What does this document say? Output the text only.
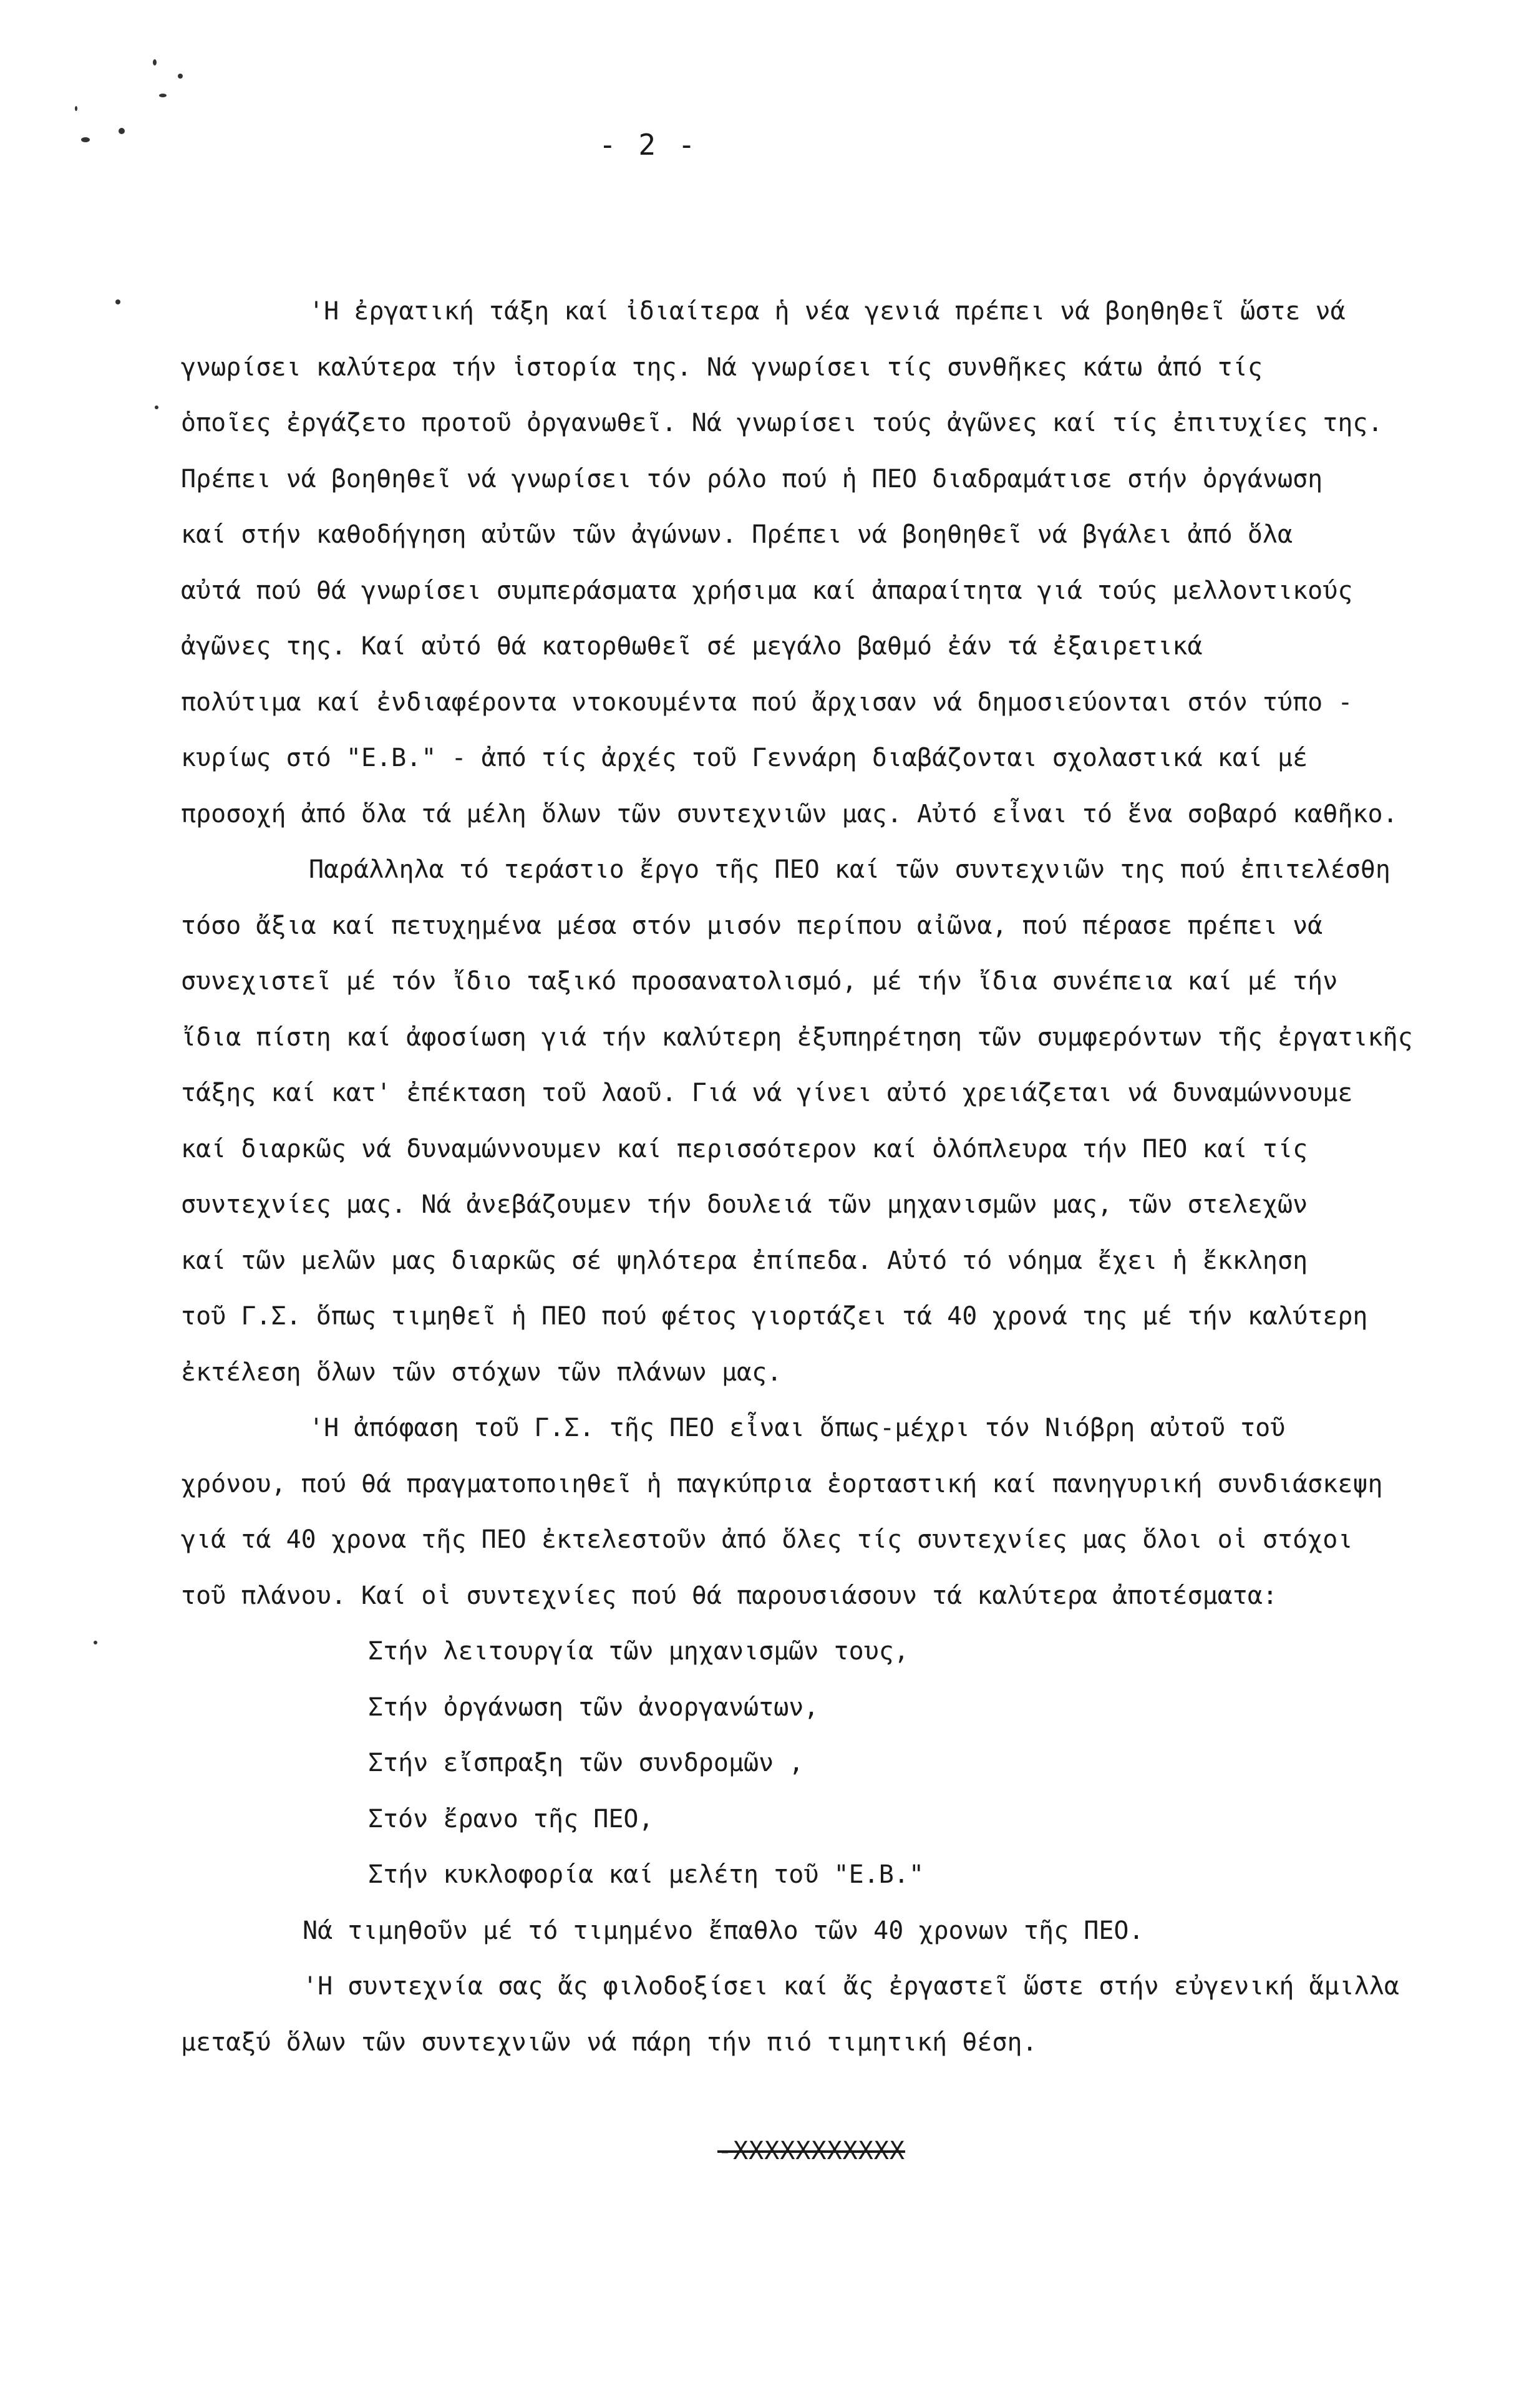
- 2 -
'Η ἐργατική τάξη καί ἰδιαίτερα ἡ νέα γενιά πρέπει νά βοηθηθεῖ ὥστε νά
γνωρίσει καλύτερα τήν ἱστορία της. Νά γνωρίσει τίς συνθῆκες κάτω ἀπό τίς
ὁποῖες ἐργάζετο προτοῦ ὀργανωθεῖ. Νά γνωρίσει τούς ἀγῶνες καί τίς ἐπιτυχίες της.
Πρέπει νά βοηθηθεῖ νά γνωρίσει τόν ρόλο πού ἡ ΠΕΟ διαδραμάτισε στήν ὀργάνωση
καί στήν καθοδήγηση αὐτῶν τῶν ἀγώνων. Πρέπει νά βοηθηθεῖ νά βγάλει ἀπό ὅλα
αὐτά πού θά γνωρίσει συμπεράσματα χρήσιμα καί ἀπαραίτητα γιά τούς μελλοντικούς
ἀγῶνες της. Καί αὐτό θά κατορθωθεῖ σέ μεγάλο βαθμό ἐάν τά ἐξαιρετικά
πολύτιμα καί ἐνδιαφέροντα ντοκουμέντα πού ἄρχισαν νά δημοσιεύονται στόν τύπο -
κυρίως στό "Ε.Β." - ἀπό τίς ἀρχές τοῦ Γεννάρη διαβάζονται σχολαστικά καί μέ
προσοχή ἀπό ὅλα τά μέλη ὅλων τῶν συντεχνιῶν μας. Αὐτό εἶναι τό ἕνα σοβαρό καθῆκο.
Παράλληλα τό τεράστιο ἔργο τῆς ΠΕΟ καί τῶν συντεχνιῶν της πού ἐπιτελέσθη
τόσο ἄξια καί πετυχημένα μέσα στόν μισόν περίπου αἰῶνα, πού πέρασε πρέπει νά
συνεχιστεῖ μέ τόν ἴδιο ταξικό προσανατολισμό, μέ τήν ἴδια συνέπεια καί μέ τήν
ἴδια πίστη καί ἀφοσίωση γιά τήν καλύτερη ἐξυπηρέτηση τῶν συμφερόντων τῆς ἐργατικῆς
τάξης καί κατ' ἐπέκταση τοῦ λαοῦ. Γιά νά γίνει αὐτό χρειάζεται νά δυναμώννουμε
καί διαρκῶς νά δυναμώννουμεν καί περισσότερον καί ὁλόπλευρα τήν ΠΕΟ καί τίς
συντεχνίες μας. Νά ἀνεβάζουμεν τήν δουλειά τῶν μηχανισμῶν μας, τῶν στελεχῶν
καί τῶν μελῶν μας διαρκῶς σέ ψηλότερα ἐπίπεδα. Αὐτό τό νόημα ἔχει ἡ ἔκκληση
τοῦ Γ.Σ. ὅπως τιμηθεῖ ἡ ΠΕΟ πού φέτος γιορτάζει τά 40 χρονά της μέ τήν καλύτερη
ἐκτέλεση ὅλων τῶν στόχων τῶν πλάνων μας.
'Η ἀπόφαση τοῦ Γ.Σ. τῆς ΠΕΟ εἶναι ὅπως-μέχρι τόν Νιόβρη αὐτοῦ τοῦ
χρόνου, πού θά πραγματοποιηθεῖ ἡ παγκύπρια ἑορταστική καί πανηγυρική συνδιάσκεψη
γιά τά 40 χρονα τῆς ΠΕΟ ἐκτελεστοῦν ἀπό ὅλες τίς συντεχνίες μας ὅλοι οἱ στόχοι
τοῦ πλάνου. Καί οἱ συντεχνίες πού θά παρουσιάσουν τά καλύτερα ἀποτέσματα:
Στήν λειτουργία τῶν μηχανισμῶν τους,
Στήν ὀργάνωση τῶν ἀνοργανώτων,
Στήν εἴσπραξη τῶν συνδρομῶν ,
Στόν ἔρανο τῆς ΠΕΟ,
Στήν κυκλοφορία καί μελέτη τοῦ "Ε.Β."
Νά τιμηθοῦν μέ τό τιμημένο ἔπαθλο τῶν 40 χρονων τῆς ΠΕΟ.
'Η συντεχνία σας ἄς φιλοδοξίσει καί ἄς ἐργαστεῖ ὥστε στήν εὐγενική ἅμιλλα
μεταξύ ὅλων τῶν συντεχνιῶν νά πάρη τήν πιό τιμητική θέση.
-XXXXXXXXXXX
